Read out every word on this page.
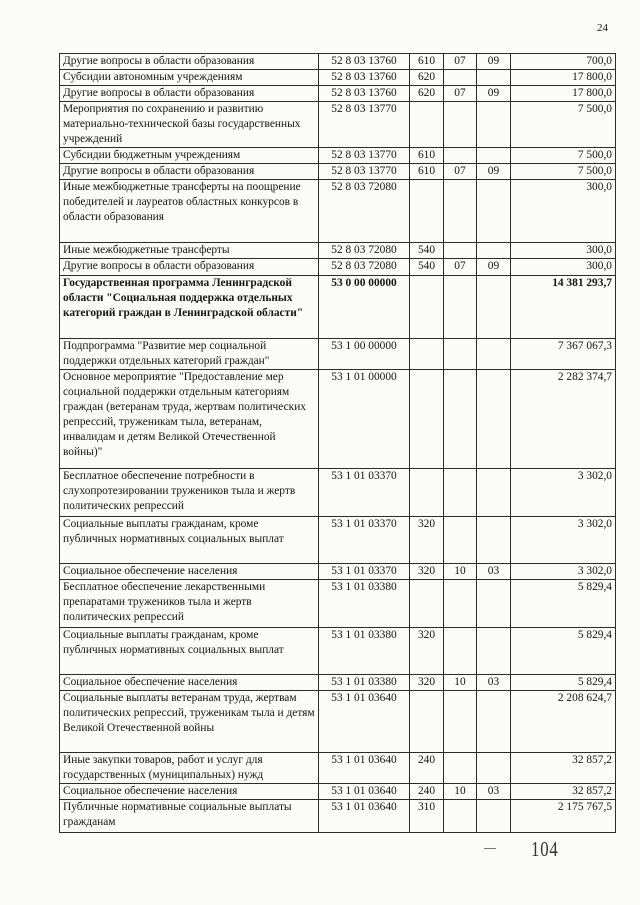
24
Другие вопросы в области образования	52 8 03 13760	610	07	09	700,0
Субсидии автономным учреждениям	52 8 03 13760	620			17 800,0
Другие вопросы в области образования	52 8 03 13760	620	07	09	17 800,0
Мероприятия по сохранению и развитию материально-технической базы государственных учреждений	52 8 03 13770				7 500,0
Субсидии бюджетным учреждениям	52 8 03 13770	610			7 500,0
Другие вопросы в области образования	52 8 03 13770	610	07	09	7 500,0
Иные межбюджетные трансферты на поощрение победителей и лауреатов областных конкурсов в области образования	52 8 03 72080				300,0
Иные межбюджетные трансферты	52 8 03 72080	540			300,0
Другие вопросы в области образования	52 8 03 72080	540	07	09	300,0
Государственная программа Ленинградской области "Социальная поддержка отдельных категорий граждан в Ленинградской области"	53 0 00 00000				14 381 293,7
Подпрограмма "Развитие мер социальной поддержки отдельных категорий граждан"	53 1 00 00000				7 367 067,3
Основное мероприятие "Предоставление мер социальной поддержки отдельным категориям граждан (ветеранам труда, жертвам политических репрессий, труженикам тыла, ветеранам, инвалидам и детям Великой Отечественной войны)"	53 1 01 00000				2 282 374,7
Бесплатное обеспечение потребности в слухопротезировании тружеников тыла и жертв политических репрессий	53 1 01 03370				3 302,0
Социальные выплаты гражданам, кроме публичных нормативных социальных выплат	53 1 01 03370	320			3 302,0
Социальное обеспечение населения	53 1 01 03370	320	10	03	3 302,0
Бесплатное обеспечение лекарственными препаратами тружеников тыла и жертв политических репрессий	53 1 01 03380				5 829,4
Социальные выплаты гражданам, кроме публичных нормативных социальных выплат	53 1 01 03380	320			5 829,4
Социальное обеспечение населения	53 1 01 03380	320	10	03	5 829,4
Социальные выплаты ветеранам труда, жертвам политических репрессий, труженикам тыла и детям Великой Отечественной войны	53 1 01 03640				2 208 624,7
Иные закупки товаров, работ и услуг для государственных (муниципальных) нужд	53 1 01 03640	240			32 857,2
Социальное обеспечение населения	53 1 01 03640	240	10	03	32 857,2
Публичные нормативные социальные выплаты гражданам	53 1 01 03640	310			2 175 767,5
104
